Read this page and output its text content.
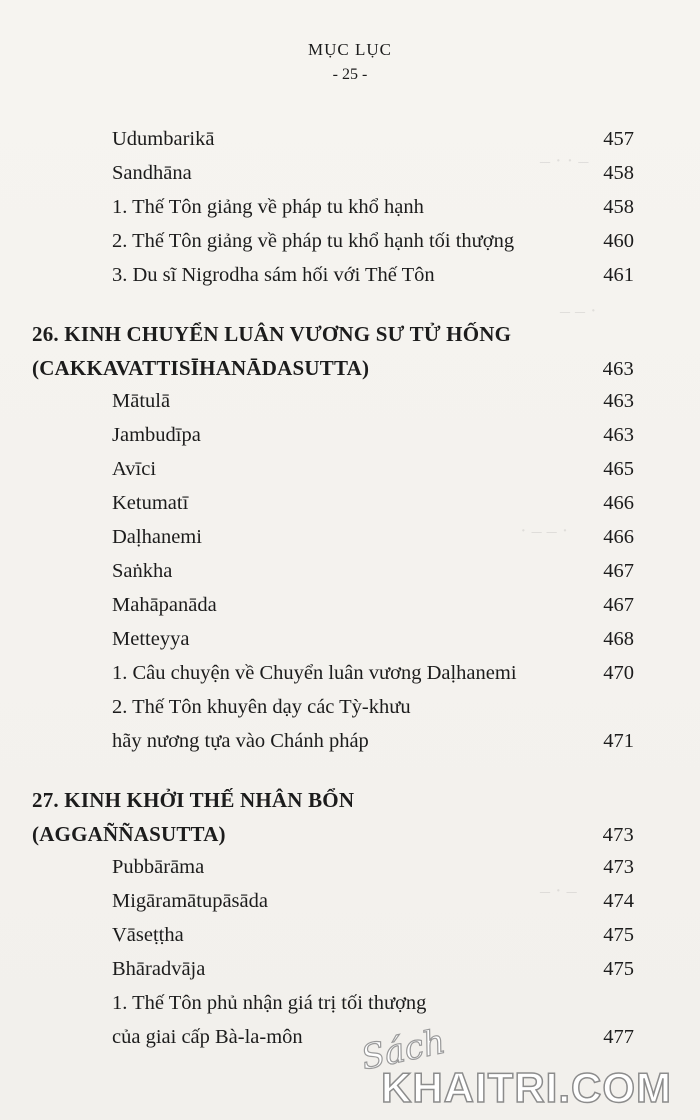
‒ · · ‒
‒ ‒ ·
· ‒ ‒ ·
‒ · ‒
MỤC LỤC
- 25 -
Udumbarikā	457
Sandhāna	458
1. Thế Tôn giảng về pháp tu khổ hạnh	458
2. Thế Tôn giảng về pháp tu khổ hạnh tối thượng	460
3. Du sĩ Nigrodha sám hối với Thế Tôn	461
26. KINH CHUYỂN LUÂN VƯƠNG SƯ TỬ HỐNG
(CAKKAVATTISĪHANĀDASUTTA)	463
Mātulā	463
Jambudīpa	463
Avīci	465
Ketumatī	466
Daḷhanemi	466
Saṅkha	467
Mahāpanāda	467
Metteyya	468
1. Câu chuyện về Chuyển luân vương Daḷhanemi	470
2. Thế Tôn khuyên dạy các Tỳ-khưu
hãy nương tựa vào Chánh pháp	471
27. KINH KHỞI THẾ NHÂN BỔN
(AGGAÑÑASUTTA)	473
Pubbārāma	473
Migāramātupāsāda	474
Vāseṭṭha	475
Bhāradvāja	475
1. Thế Tôn phủ nhận giá trị tối thượng
của giai cấp Bà-la-môn	477
Sách
KHAITRI.COM
